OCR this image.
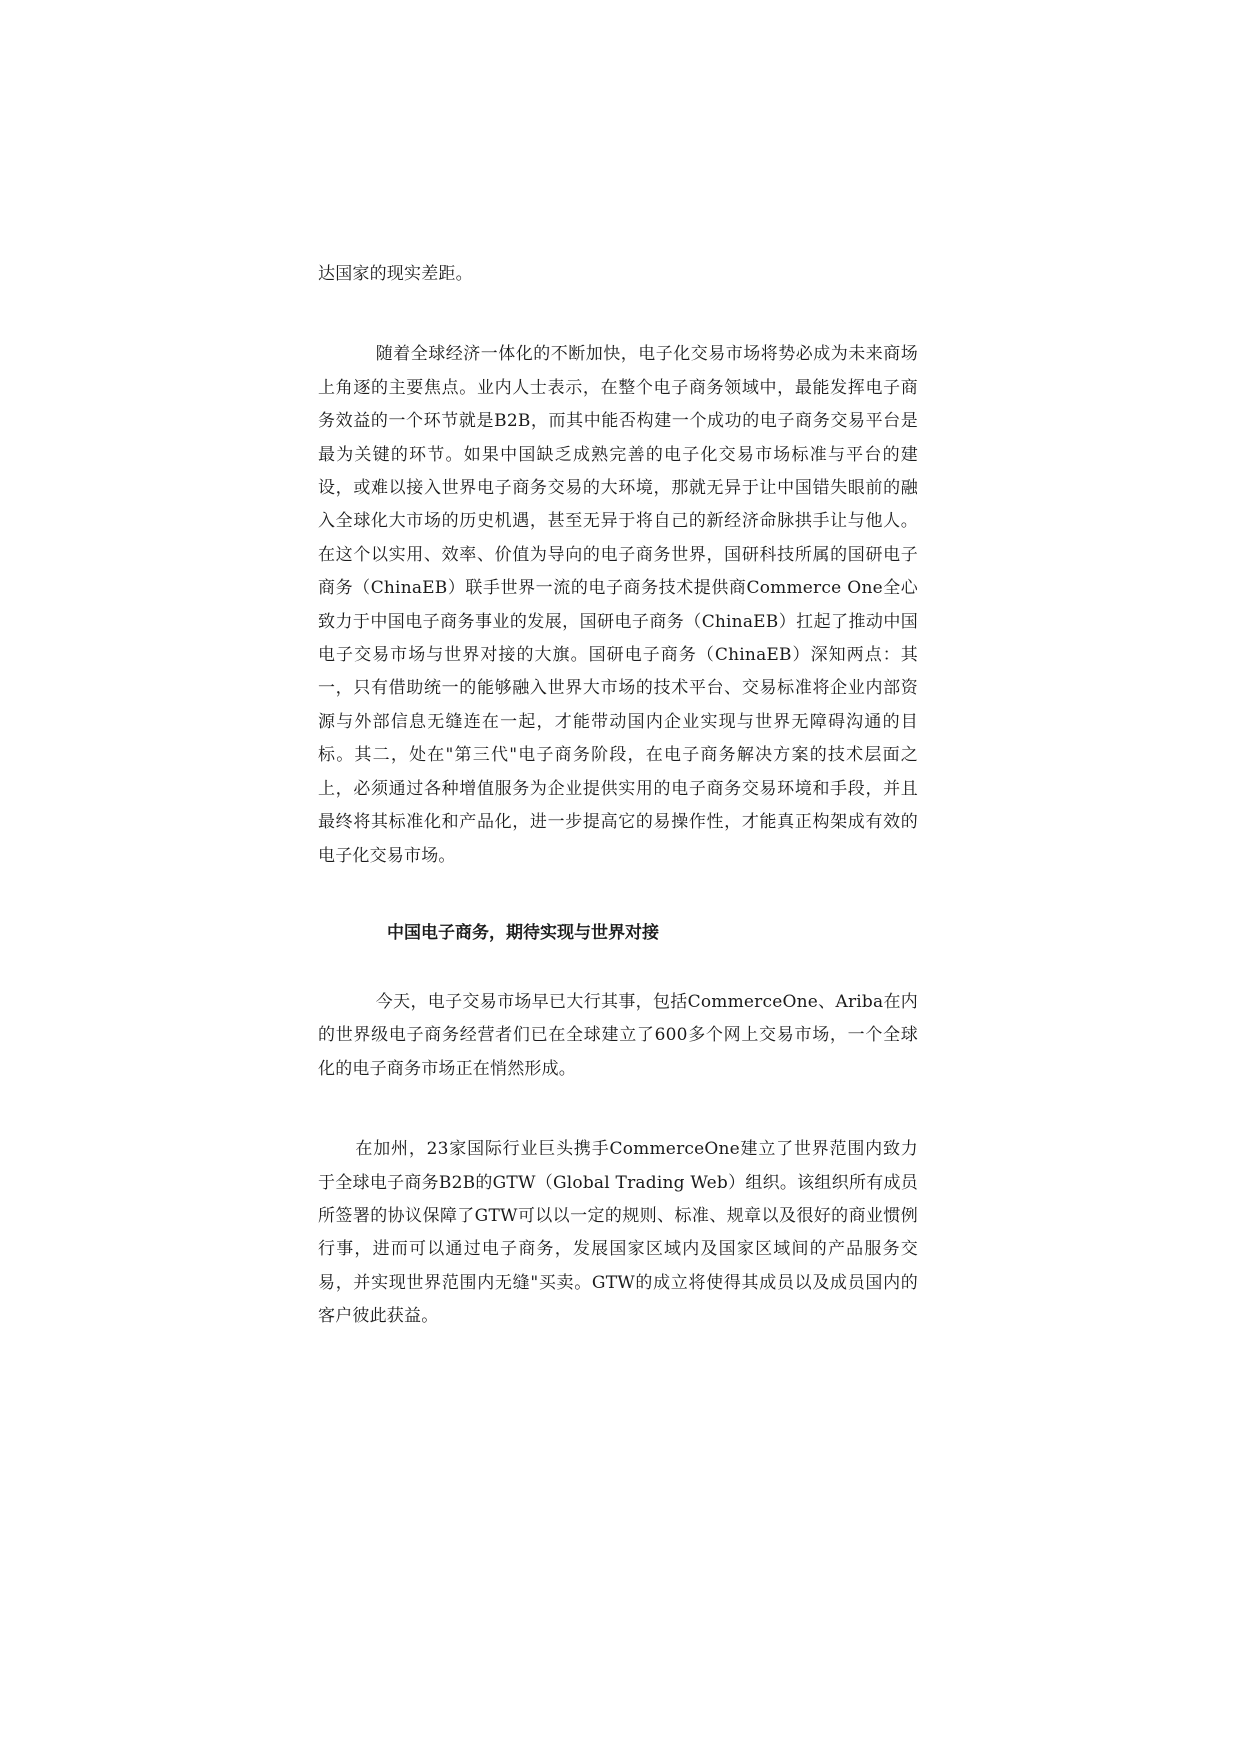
达国家的现实差距。

随着全球经济一体化的不断加快，电子化交易市场将势必成为未来商场上角逐的主要焦点。业内人士表示，在整个电子商务领域中，最能发挥电子商务效益的一个环节就是B2B，而其中能否构建一个成功的电子商务交易平台是最为关键的环节。如果中国缺乏成熟完善的电子化交易市场标准与平台的建设，或难以接入世界电子商务交易的大环境，那就无异于让中国错失眼前的融入全球化大市场的历史机遇，甚至无异于将自己的新经济命脉拱手让与他人。在这个以实用、效率、价值为导向的电子商务世界，国研科技所属的国研电子商务（ChinaEB）联手世界一流的电子商务技术提供商Commerce One全心致力于中国电子商务事业的发展，国研电子商务（ChinaEB）扛起了推动中国电子交易市场与世界对接的大旗。国研电子商务（ChinaEB）深知两点：其一，只有借助统一的能够融入世界大市场的技术平台、交易标准将企业内部资源与外部信息无缝连在一起，才能带动国内企业实现与世界无障碍沟通的目标。其二，处在"第三代"电子商务阶段，在电子商务解决方案的技术层面之上，必须通过各种增值服务为企业提供实用的电子商务交易环境和手段，并且最终将其标准化和产品化，进一步提高它的易操作性，才能真正构架成有效的电子化交易市场。

中国电子商务，期待实现与世界对接

今天，电子交易市场早已大行其事，包括CommerceOne、Ariba在内的世界级电子商务经营者们已在全球建立了600多个网上交易市场，一个全球化的电子商务市场正在悄然形成。

在加州，23家国际行业巨头携手CommerceOne建立了世界范围内致力于全球电子商务B2B的GTW（Global Trading Web）组织。该组织所有成员所签署的协议保障了GTW可以以一定的规则、标准、规章以及很好的商业惯例行事，进而可以通过电子商务，发展国家区域内及国家区域间的产品服务交易，并实现世界范围内无缝"买卖。GTW的成立将使得其成员以及成员国内的客户彼此获益。
